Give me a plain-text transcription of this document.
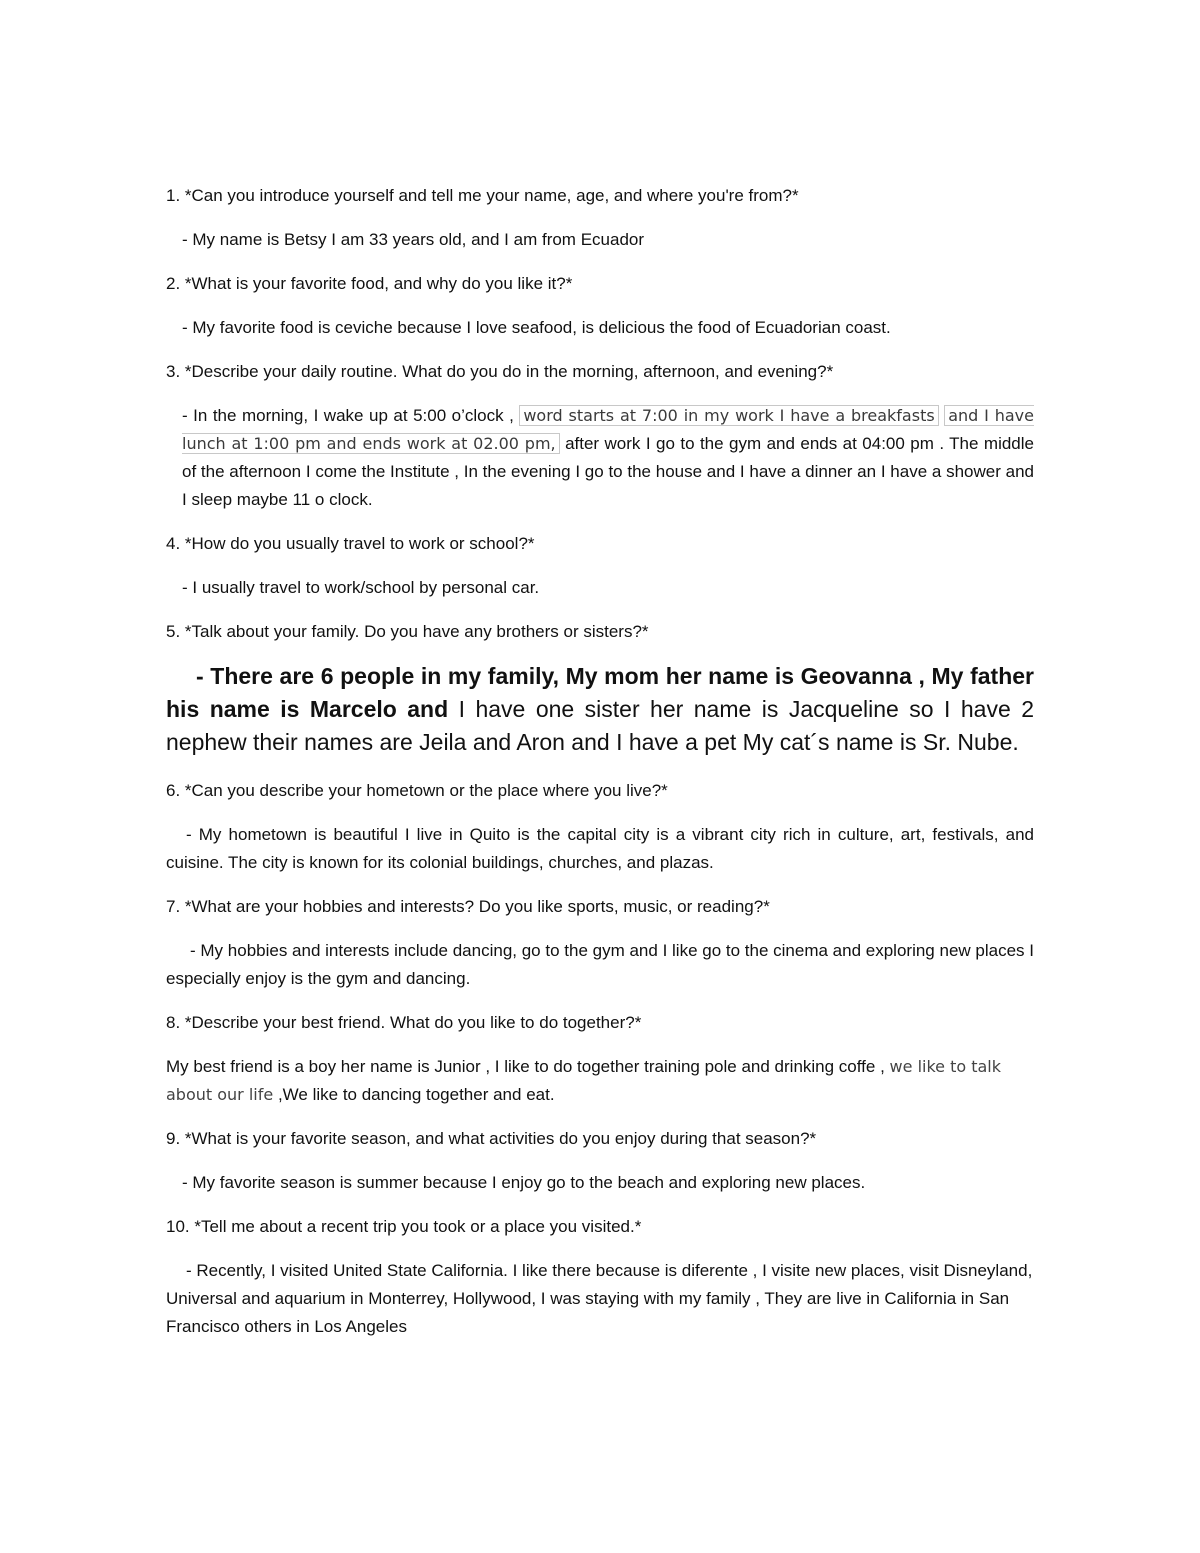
1. *Can you introduce yourself and tell me your name, age, and where you're from?*

- My name is Betsy I am 33 years old, and I am from Ecuador

2. *What is your favorite food, and why do you like it?*

- My favorite food is ceviche because I love seafood, is delicious the food of Ecuadorian coast.

3. *Describe your daily routine. What do you do in the morning, afternoon, and evening?*

- In the morning, I wake up at 5:00 o’clock , word starts at 7:00 in my work I have a breakfasts and I have lunch at 1:00 pm and ends work at 02.00 pm, after work I go to the gym and ends at 04:00 pm . The middle of the afternoon I come the Institute , In the evening I go to the house and I have a dinner an I have a shower and I sleep maybe 11 o clock.

4. *How do you usually travel to work or school?*

- I usually travel to work/school by personal car.

5. *Talk about your family. Do you have any brothers or sisters?*

- There are 6 people in my family, My mom her name is Geovanna , My father his name is Marcelo and I have one sister her name is Jacqueline so I have 2 nephew their names are Jeila and Aron and I have a pet My cat´s name is Sr. Nube.

6. *Can you describe your hometown or the place where you live?*

- My hometown is beautiful I live in Quito is the capital city is a vibrant city rich in culture, art, festivals, and cuisine. The city is known for its colonial buildings, churches, and plazas.

7. *What are your hobbies and interests? Do you like sports, music, or reading?*

- My hobbies and interests include dancing, go to the gym and I like go to the cinema and exploring new places I especially enjoy is the gym and dancing.

8. *Describe your best friend. What do you like to do together?*

My best friend is a boy her name is Junior , I like to do together training pole and drinking coffe , we like to talk about our life ,We like to dancing together and eat.

9. *What is your favorite season, and what activities do you enjoy during that season?*

- My favorite season is summer because I enjoy go to the beach and exploring new places.

10. *Tell me about a recent trip you took or a place you visited.*

- Recently, I visited United State California. I like there because is diferente , I visite new places, visit Disneyland, Universal and aquarium in Monterrey, Hollywood, I was staying with my family , They are live in California in San Francisco others in Los Angeles
